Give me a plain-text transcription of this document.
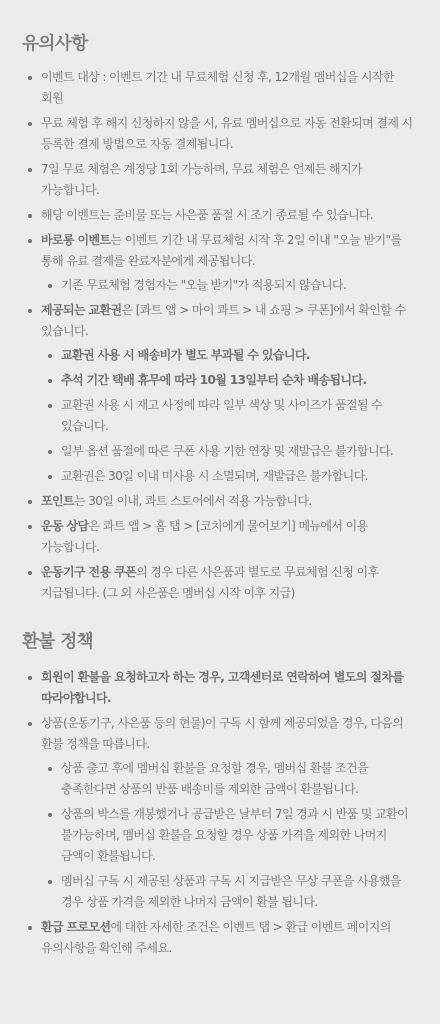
유의사항
이벤트 대상 : 이벤트 기간 내 무료체험 신청 후, 12개월 멤버십을 시작한 회원
무료 체험 후 해지 신청하지 않을 시, 유료 멤버십으로 자동 전환되며 결제 시 등록한 결제 방법으로 자동 결제됩니다.
7일 무료 체험은 계정당 1회 가능하며, 무료 체험은 언제든 해지가 가능합니다.
해당 이벤트는 준비물 또는 사은품 품절 시 조기 종료될 수 있습니다.
바로롱 이벤트는 이벤트 기간 내 무료체험 시작 후 2일 이내 "오늘 받기"를 통해 유료 결제를 완료자분에게 제공됩니다.
기존 무료체험 경험자는 "오늘 받기"가 적용되지 않습니다.
제공되는 교환권은 [콰트 앱 > 마이 콰트 > 내 쇼핑 > 쿠폰]에서 확인할 수 있습니다.
교환권 사용 시 배송비가 별도 부과될 수 있습니다.
추석 기간 택배 휴무에 따라 10월 13일부터 순차 배송됩니다.
교환권 사용 시 재고 사정에 따라 일부 색상 및 사이즈가 품절될 수 있습니다.
일부 옵션 품절에 따른 쿠폰 사용 기한 연장 및 재발급은 불가합니다.
교환권은 30일 이내 미사용 시 소멸되며, 재발급은 불가합니다.
포인트는 30일 이내, 콰트 스토어에서 적용 가능합니다.
운동 상담은 콰트 앱 > 홈 탭 > [코치에게 물어보기] 메뉴에서 이용 가능합니다.
운동기구 전용 쿠폰의 경우 다른 사은품과 별도로 무료체험 신청 이후 지급됩니다. (그 외 사은품은 멤버십 시작 이후 지급)
환불 정책
회원이 환불을 요청하고자 하는 경우, 고객센터로 연락하여 별도의 절차를 따라야합니다.
상품(운동기구, 사은품 등의 현물)이 구독 시 함께 제공되었을 경우, 다음의 환불 정책을 따릅니다.
상품 출고 후에 멤버십 환불을 요청할 경우, 멤버십 환불 조건을 충족한다면 상품의 반품 배송비를 제외한 금액이 환불됩니다.
상품의 박스를 개봉했거나 공급받은 날부터 7일 경과 시 반품 및 교환이 불가능하며, 멤버십 환불을 요청할 경우 상품 가격을 제외한 나머지 금액이 환불됩니다.
멤버십 구독 시 제공된 상품과 구독 시 지급받은 무상 쿠폰을 사용했을 경우 상품 가격을 제외한 나머지 금액이 환불 됩니다.
환급 프로모션에 대한 자세한 조건은 이벤트 탭 > 환급 이벤트 페이지의 유의사항을 확인해 주세요.
